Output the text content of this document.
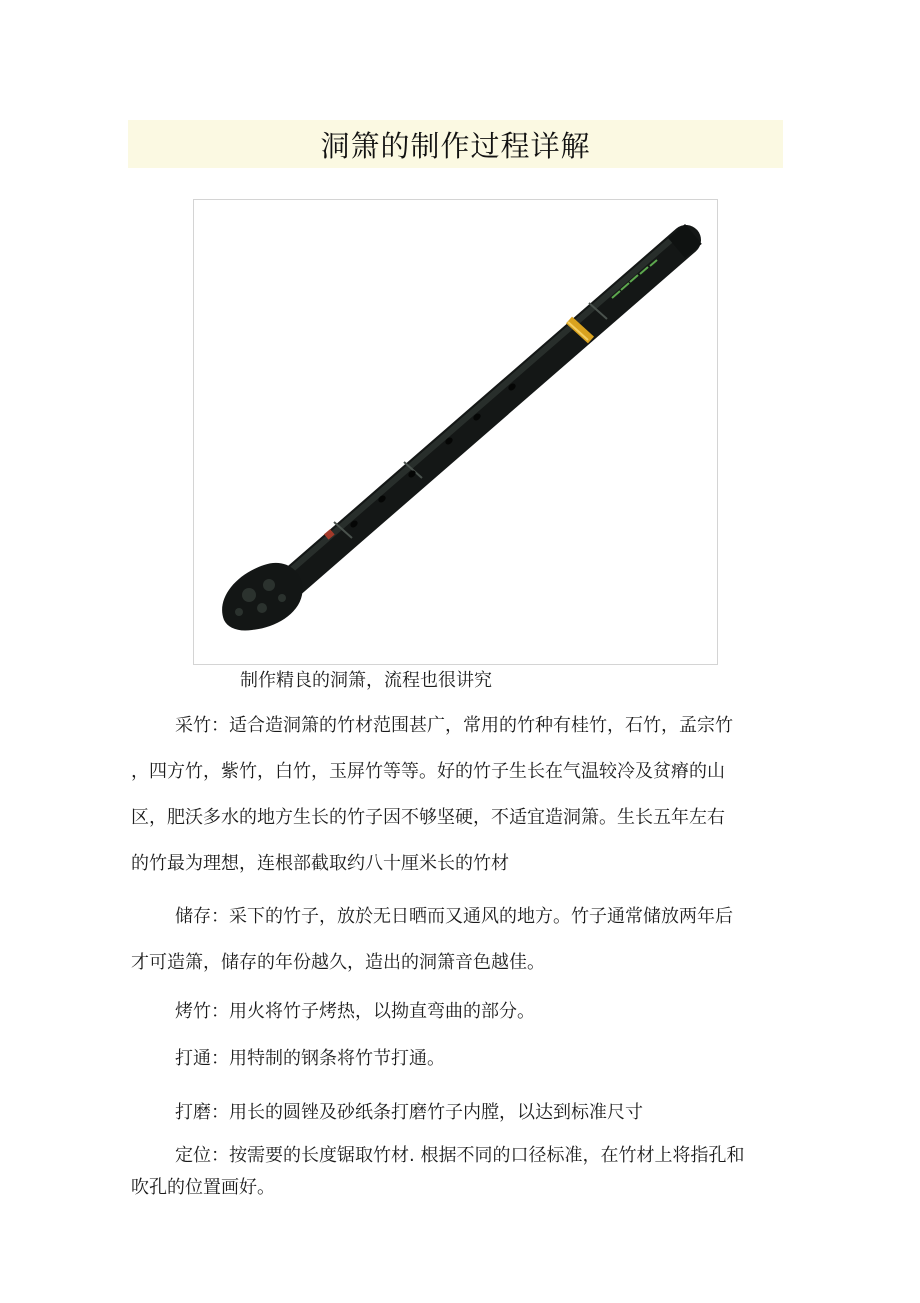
洞箫的制作过程详解
制作精良的洞箫，流程也很讲究
采竹：适合造洞箫的竹材范围甚广，常用的竹种有桂竹，石竹，孟宗竹
，四方竹，紫竹，白竹，玉屏竹等等。好的竹子生长在气温较冷及贫瘠的山
区，肥沃多水的地方生长的竹子因不够坚硬，不适宜造洞箫。生长五年左右
的竹最为理想，连根部截取约八十厘米长的竹材
储存：采下的竹子，放於无日晒而又通风的地方。竹子通常储放两年后
才可造箫，储存的年份越久，造出的洞箫音色越佳。
烤竹：用火将竹子烤热，以拗直弯曲的部分。
打通：用特制的钢条将竹节打通。
打磨：用长的圆锉及砂纸条打磨竹子内膛，以达到标准尺寸
定位：按需要的长度锯取竹材. 根据不同的口径标准，在竹材上将指孔和
吹孔的位置画好。
